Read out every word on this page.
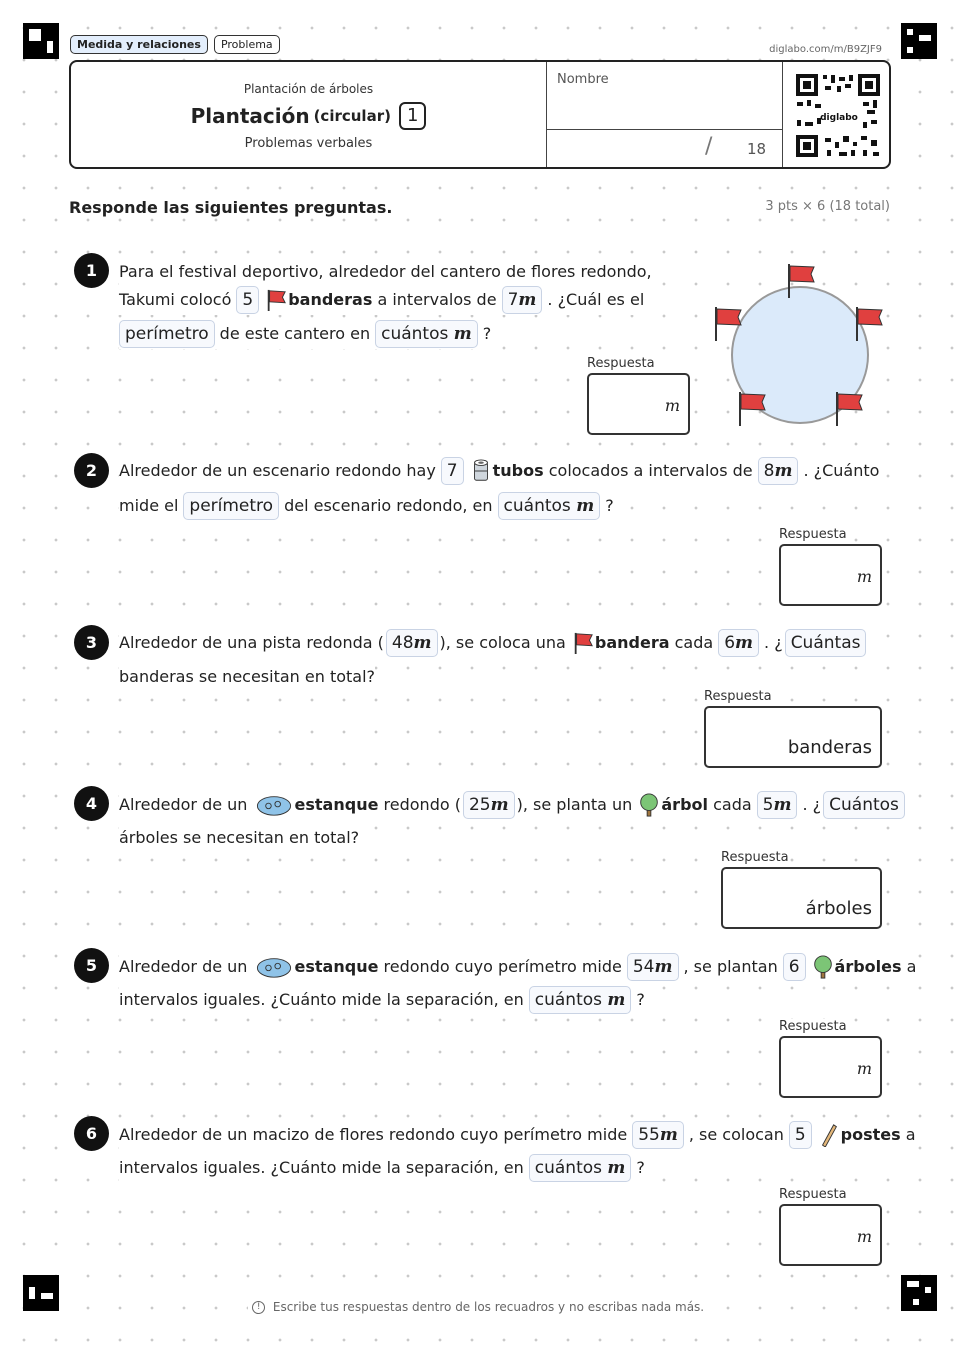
Medida y relaciones	Problema	diglabo.com/m/B9ZJF9
Plantación de árboles
Plantación (circular) 1
Problemas verbales
Nombre
/ 18
diglabo
Responde las siguientes preguntas.	3 pts × 6 (18 total)
1	Para el festival deportivo, alrededor del cantero de flores redondo,
Takumi colocó 5	banderas
a intervalos de 7m . ¿Cuál es el
perímetro de este cantero en cuántos m ?
Respuesta
m
2	Alrededor de un escenario redondo hay 7	tubos
colocados a intervalos de 8m . ¿Cuánto
mide el perímetro del escenario redondo, en cuántos m ?
Respuesta
m
3	Alrededor de una pista redonda ( 48m ), se coloca una
bandera
cada 6m . ¿ Cuántas
banderas se necesitan en total?
Respuesta
banderas
4	Alrededor de un
	estanque
redondo ( 25m ), se planta un
árbol
cada 5m . ¿ Cuántos
árboles se necesitan en total?
Respuesta
árboles
5	Alrededor de un
	estanque
redondo cuyo perímetro mide 54m , se plantan 6	árboles
a
intervalos iguales. ¿Cuánto mide la separación, en cuántos m ?
Respuesta
m
6	Alrededor de un macizo de flores redondo cuyo perímetro mide 55m , se colocan 5	postes
a
intervalos iguales. ¿Cuánto mide la separación, en cuántos m ?
Respuesta
m
! Escribe tus respuestas dentro de los recuadros y no escribas nada más.
